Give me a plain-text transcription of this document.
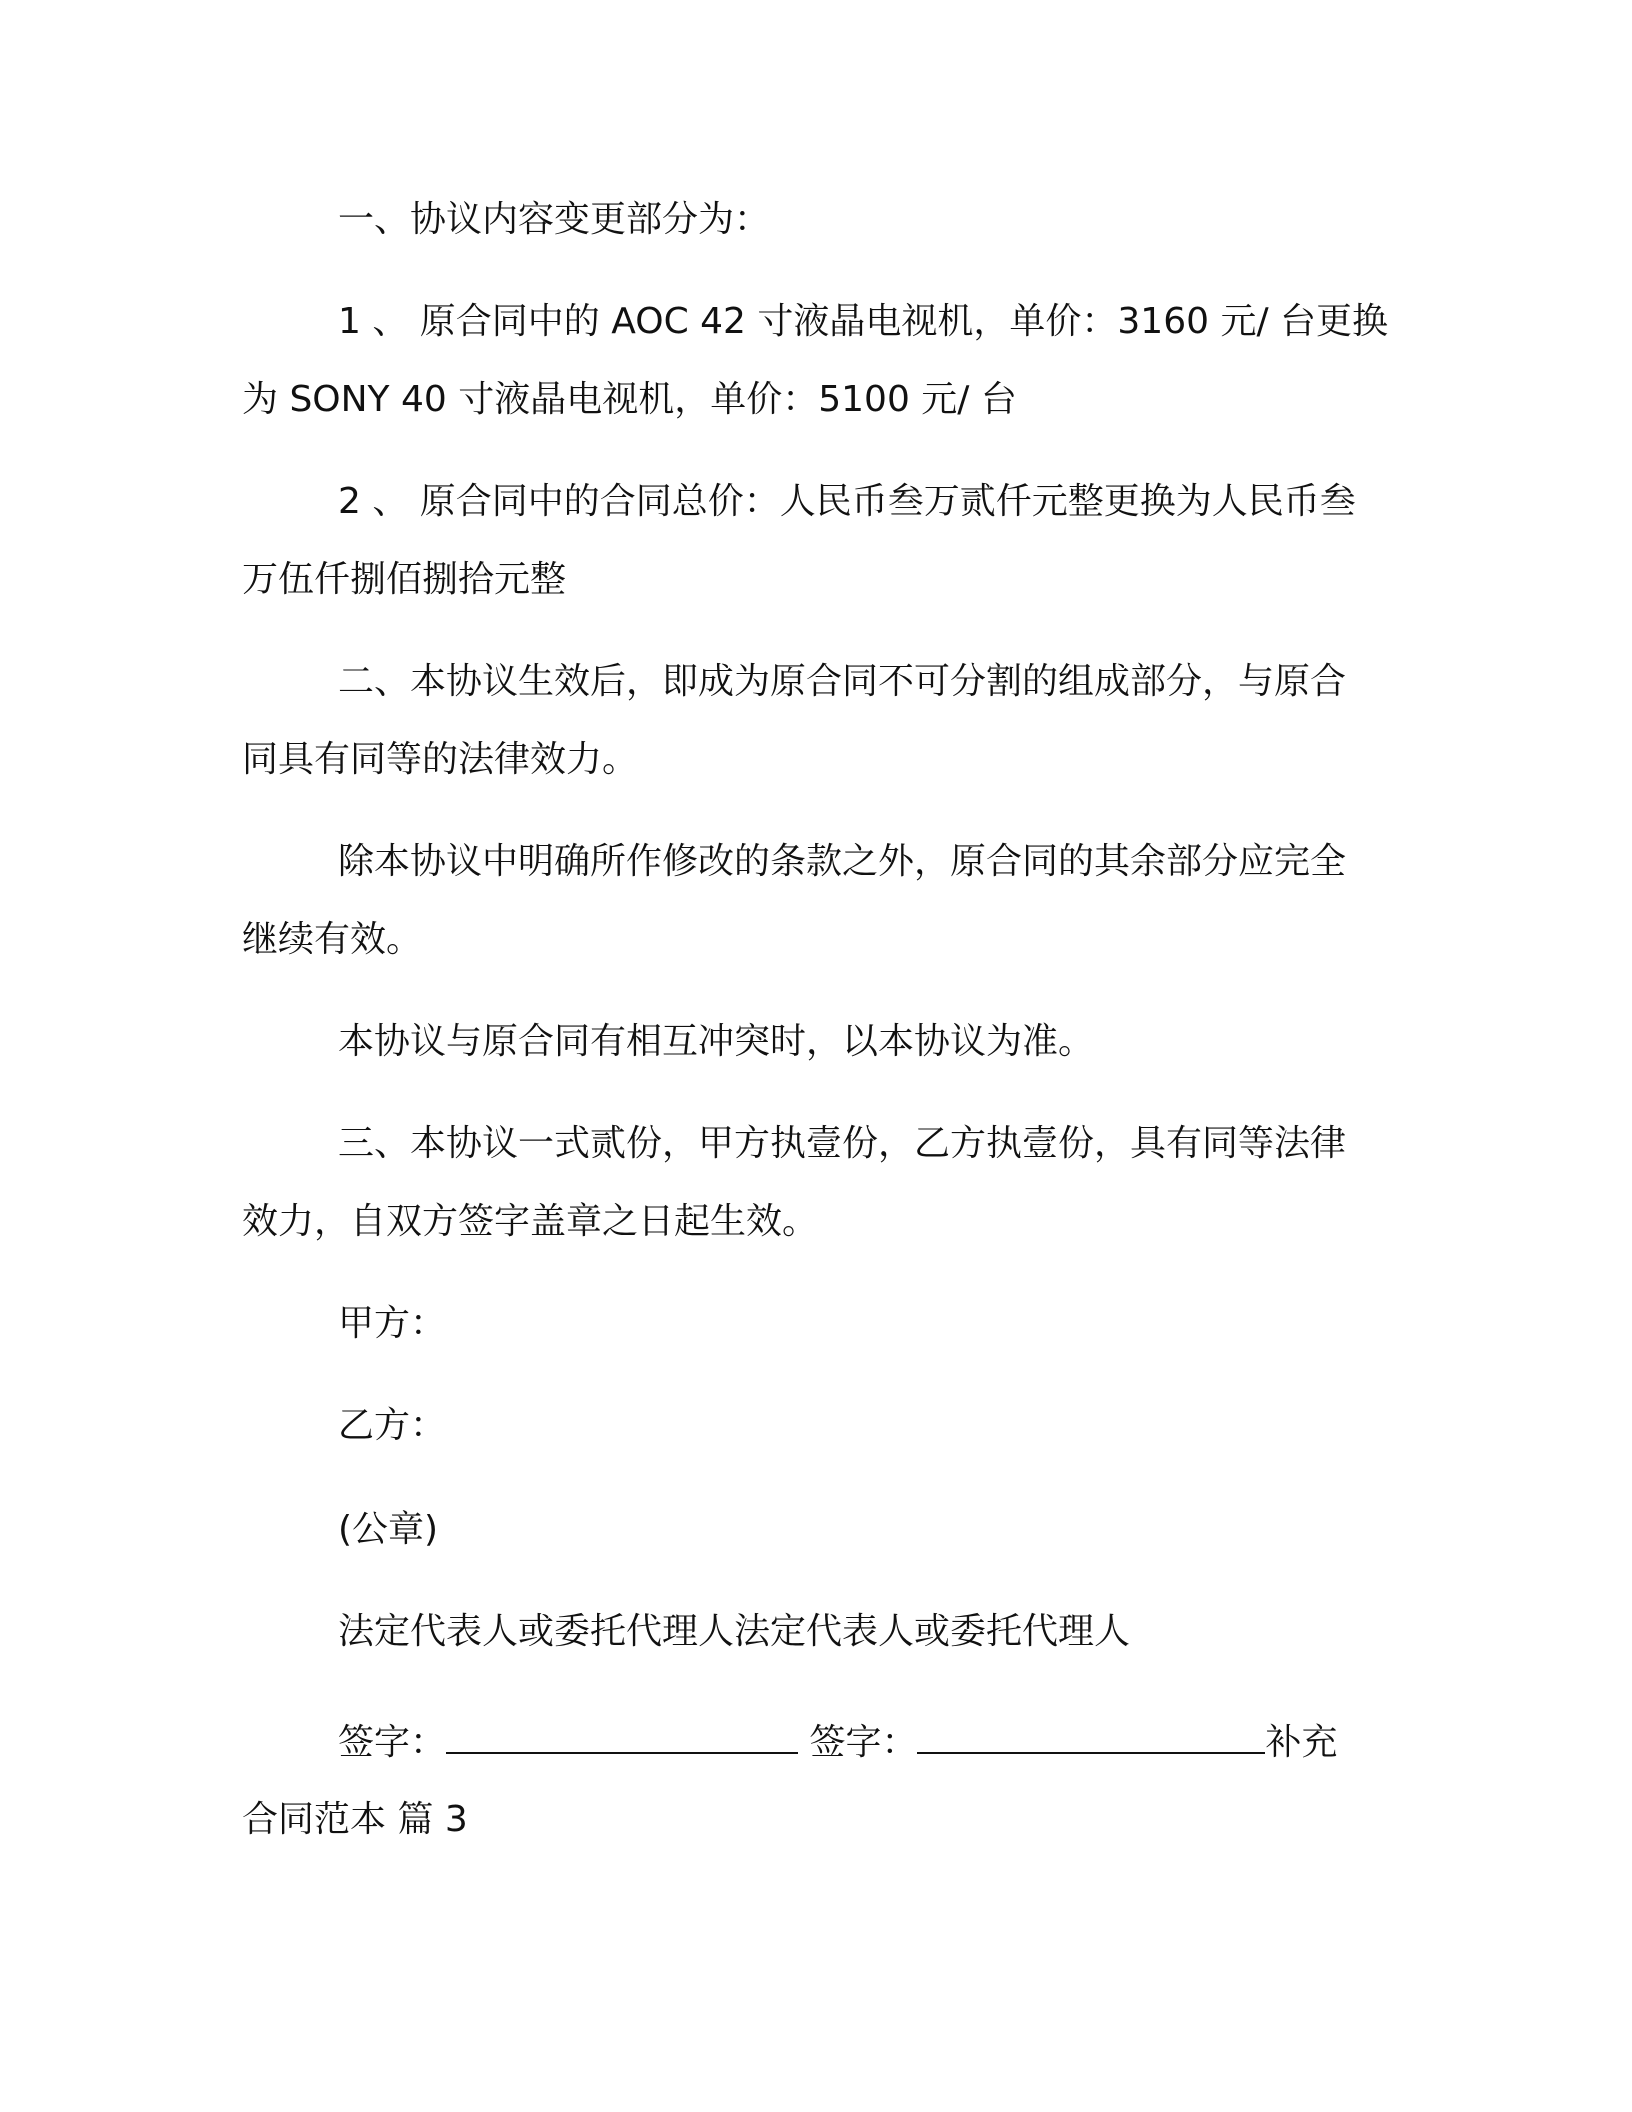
一、协议内容变更部分为：

1 、 原合同中的 AOC 42 寸液晶电视机，单价：3160 元/ 台更换

为 SONY 40 寸液晶电视机，单价：5100 元/ 台

2 、 原合同中的合同总价：人民币叁万贰仟元整更换为人民币叁

万伍仟捌佰捌拾元整

二、本协议生效后，即成为原合同不可分割的组成部分，与原合

同具有同等的法律效力。

除本协议中明确所作修改的条款之外，原合同的其余部分应完全

继续有效。

本协议与原合同有相互冲突时，以本协议为准。

三、本协议一式贰份，甲方执壹份，乙方执壹份，具有同等法律

效力，自双方签字盖章之日起生效。

甲方：

乙方：

(公章)

法定代表人或委托代理人法定代表人或委托代理人

签字：	签字：	补充

合同范本 篇 3
